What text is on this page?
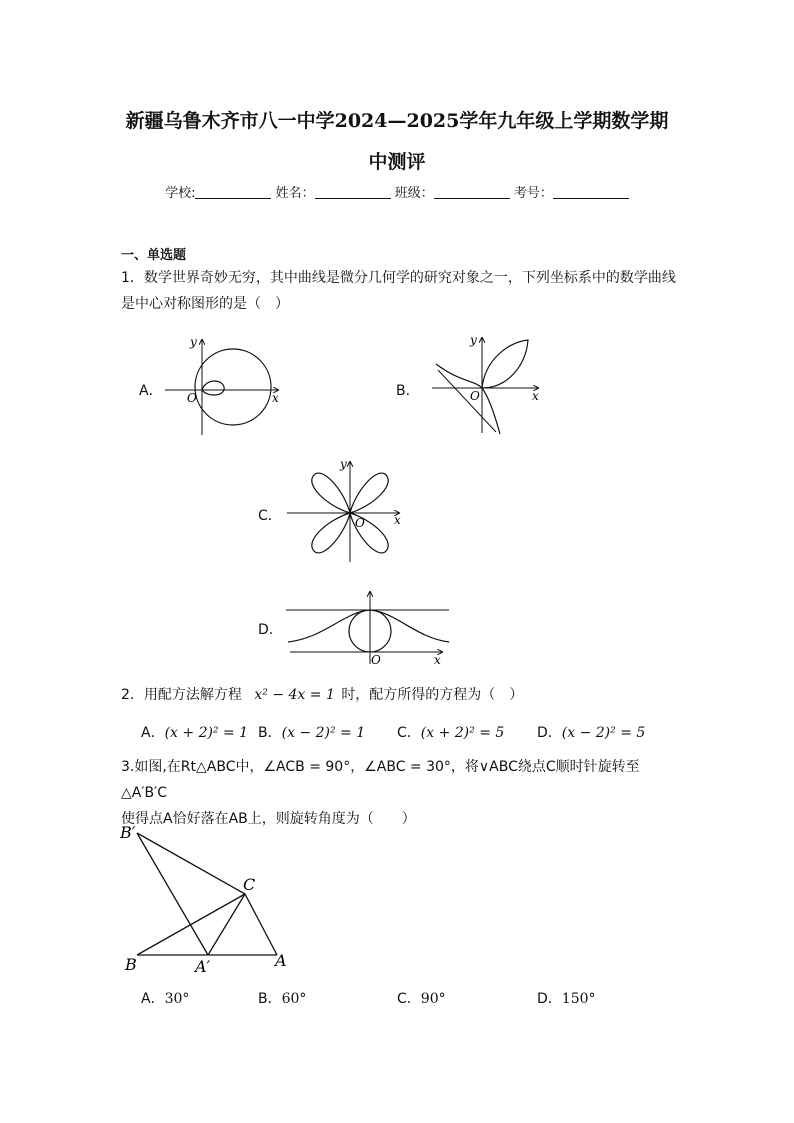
新疆乌鲁木齐市八一中学2024—2025学年九年级上学期数学期
中测评
学校:	姓名：	班级：	考号：
一、单选题
1．数学世界奇妙无穷，其中曲线是微分几何学的研究对象之一，下列坐标系中的数学曲线
是中心对称图形的是（　）
A．	B．
C．
D．
x
y
O	x
y
O
x
y
O
x
O
2．用配方法解方程 x² − 4x = 1 时，配方所得的方程为（　）
A．(x + 2)² = 1 B．(x − 2)² = 1 C．(x + 2)² = 5 D．(x − 2)² = 5
3.如图,在Rt△ABC中，∠ACB = 90°，∠ABC = 30°，将∨ABC绕点C顺时针旋转至△A′B′C
使得点A恰好落在AB上，则旋转角度为（　　）
B′
C
B	A′	A
A．30°	B．60°	C．90°	D．150°
